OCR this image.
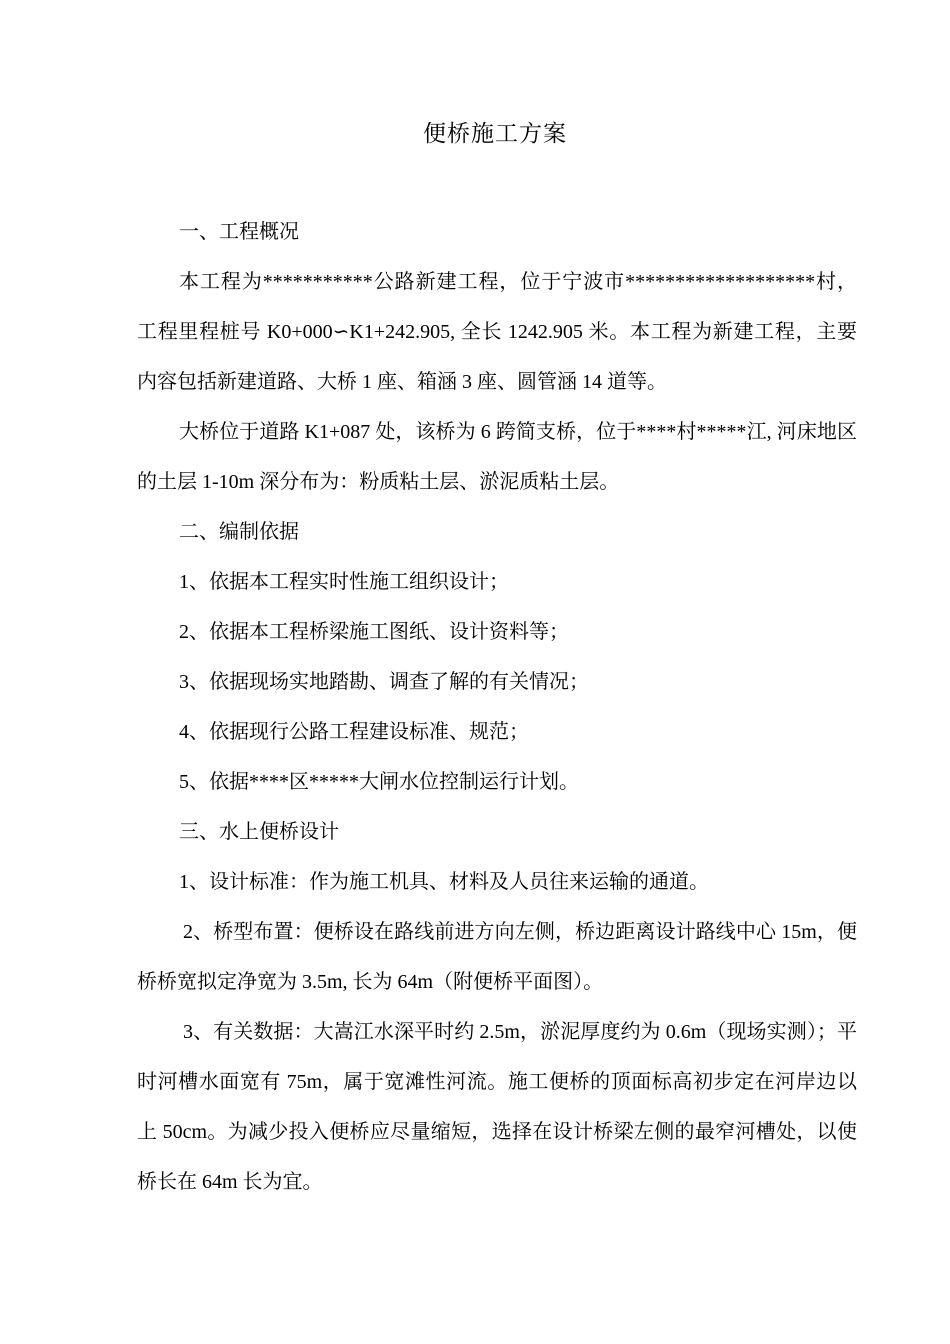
便桥施工方案

一、工程概况

本工程为***********公路新建工程，位于宁波市*******************村，工程里程桩号 K0+000∽K1+242.905, 全长 1242.905 米。本工程为新建工程，主要内容包括新建道路、大桥 1 座、箱涵 3 座、圆管涵 14 道等。

大桥位于道路 K1+087 处，该桥为 6 跨简支桥，位于****村*****江, 河床地区的土层 1-10m 深分布为：粉质粘土层、淤泥质粘土层。

二、编制依据

1、依据本工程实时性施工组织设计；

2、依据本工程桥梁施工图纸、设计资料等；

3、依据现场实地踏勘、调查了解的有关情况；

4、依据现行公路工程建设标准、规范；

5、依据****区*****大闸水位控制运行计划。

三、水上便桥设计

1、设计标准：作为施工机具、材料及人员往来运输的通道。

2、桥型布置：便桥设在路线前进方向左侧，桥边距离设计路线中心 15m，便桥桥宽拟定净宽为 3.5m, 长为 64m（附便桥平面图）。

3、有关数据：大嵩江水深平时约 2.5m，淤泥厚度约为 0.6m（现场实测）；平时河槽水面宽有 75m，属于宽滩性河流。施工便桥的顶面标高初步定在河岸边以上 50cm。为减少投入便桥应尽量缩短，选择在设计桥梁左侧的最窄河槽处，以使桥长在 64m 长为宜。
